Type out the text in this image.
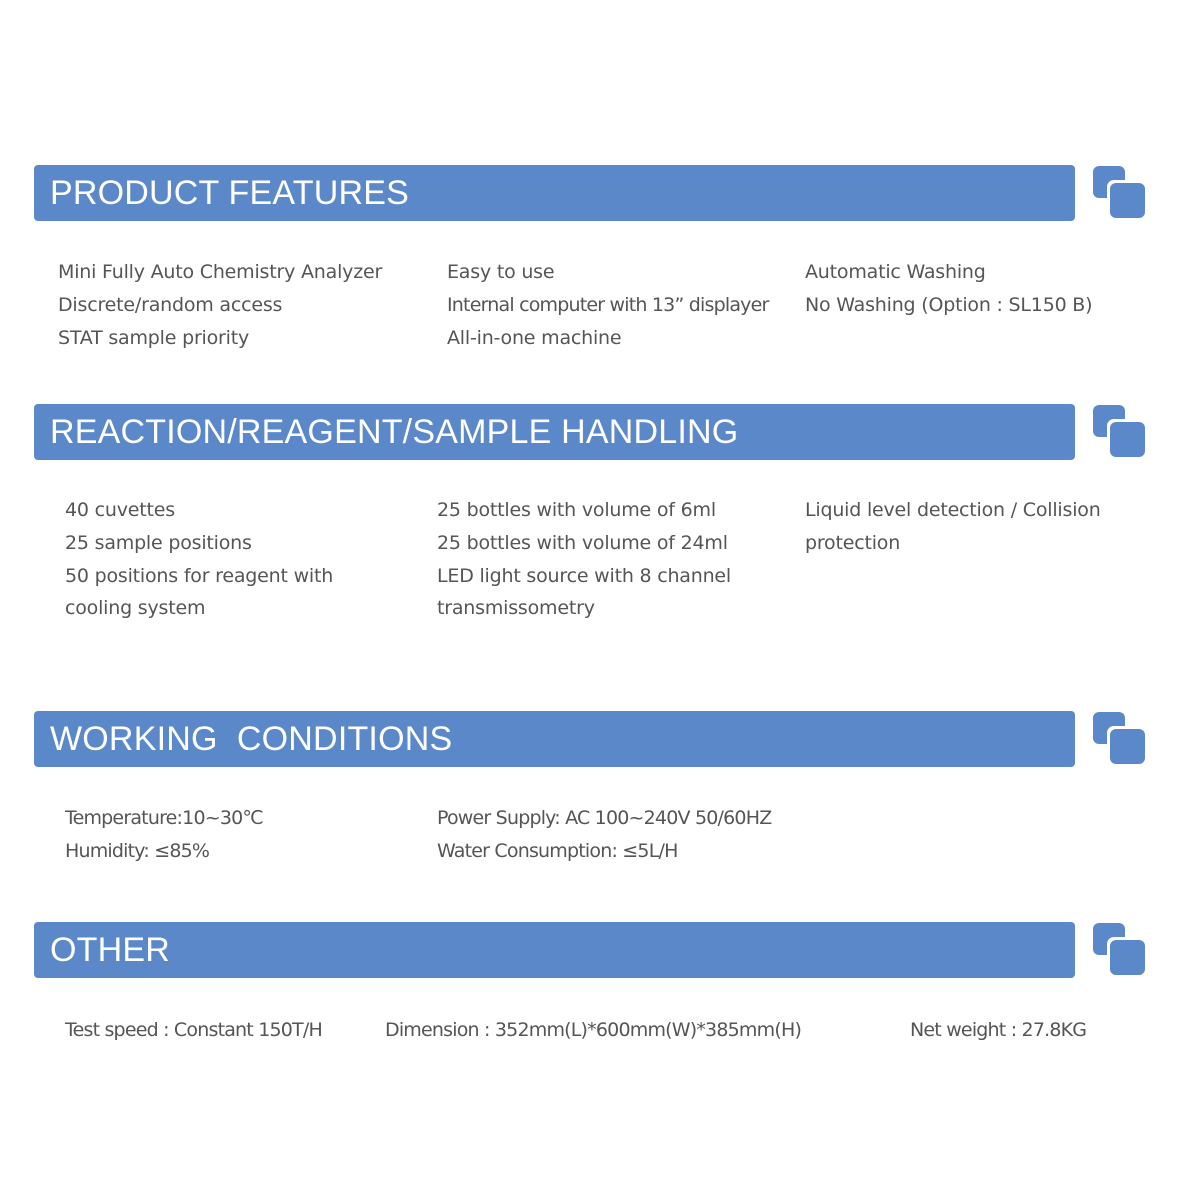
PRODUCT FEATURES
Mini Fully Auto Chemistry Analyzer
Discrete/random access
STAT sample priority
Easy to use
Internal computer with 13” displayer
All-in-one machine
Automatic Washing
No Washing (Option : SL150 B)
REACTION/REAGENT/SAMPLE HANDLING
40 cuvettes
25 sample positions
50 positions for reagent with cooling system
25 bottles with volume of 6ml
25 bottles with volume of 24ml
LED light source with 8 channel transmissometry
Liquid level detection / Collision protection
WORKING  CONDITIONS
Temperature:10~30℃
Humidity: ≤85%
Power Supply: AC 100~240V 50/60HZ
Water Consumption: ≤5L/H
OTHER
Test speed : Constant 150T/H	Dimension : 352mm(L)*600mm(W)*385mm(H)	Net weight : 27.8KG
